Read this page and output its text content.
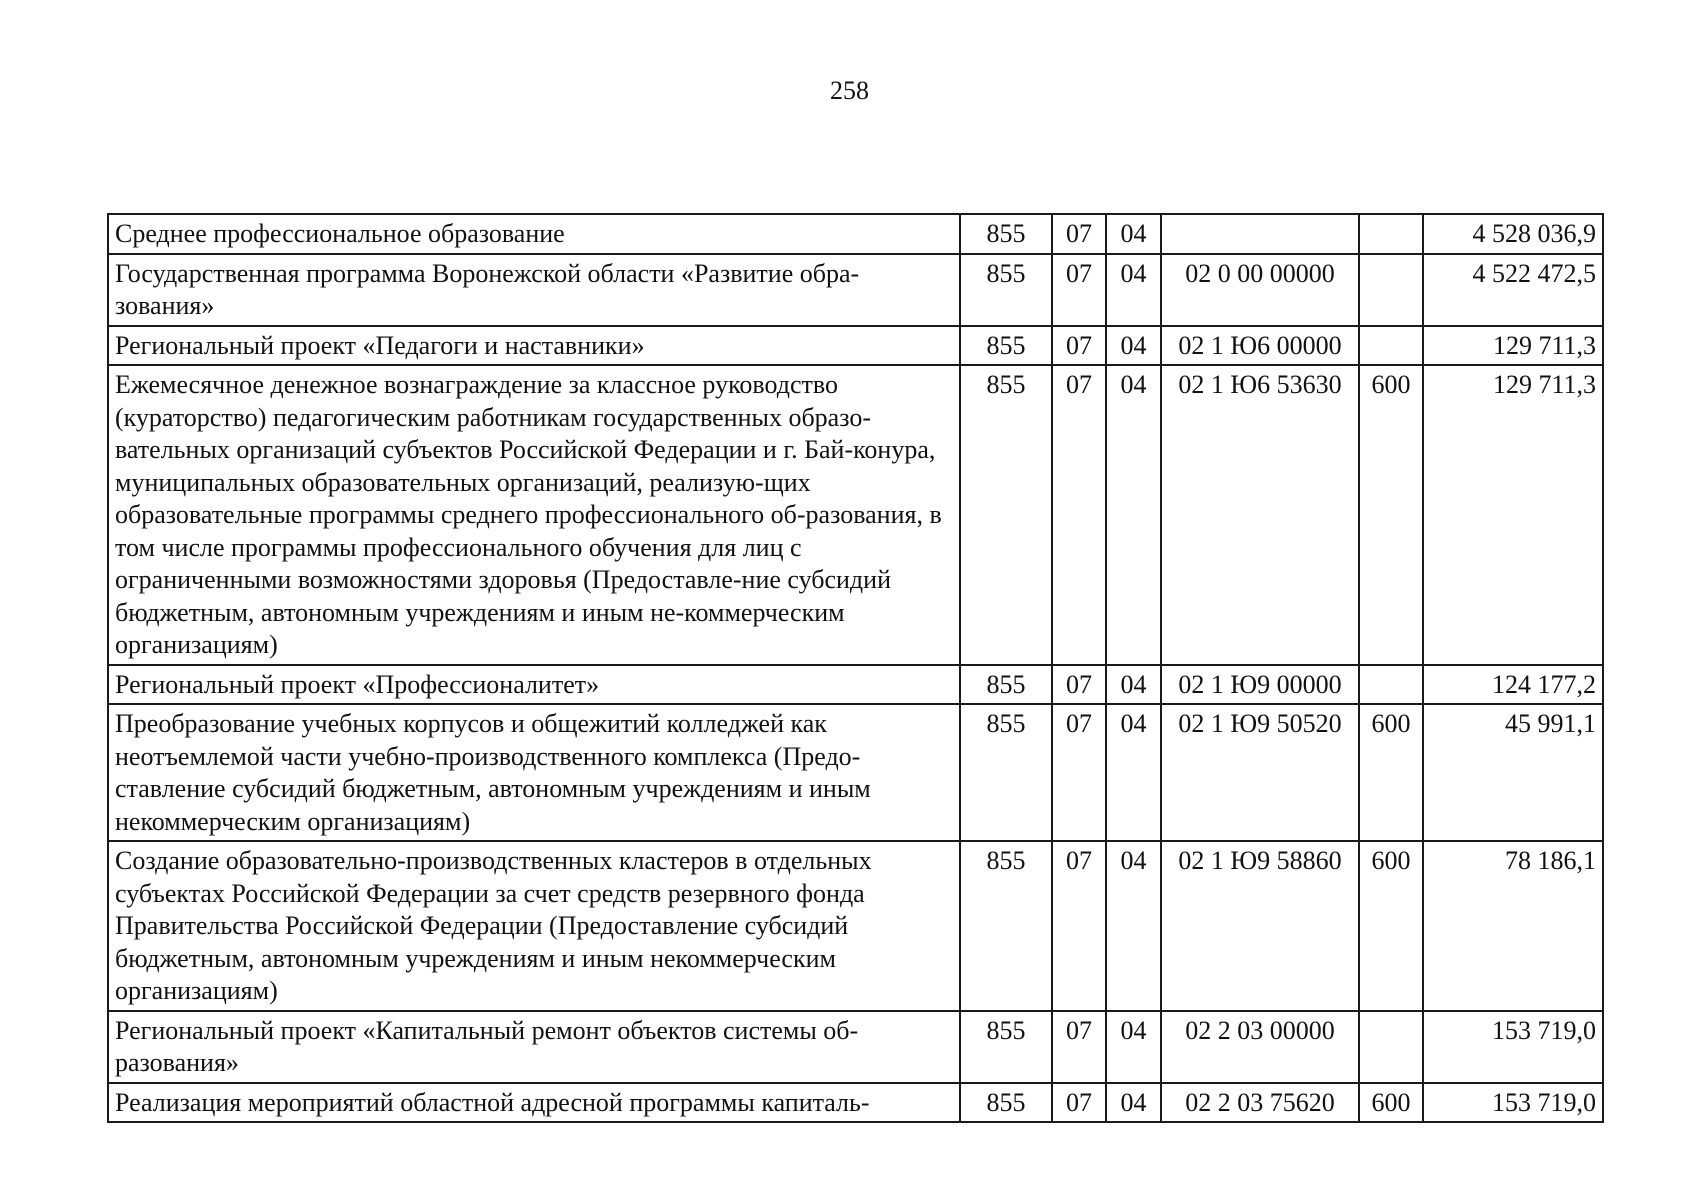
258
Среднее профессиональное образование	855	07	04			4 528 036,9
Государственная программа Воронежской области «Развитие обра-зования»	855	07	04	02 0 00 00000		4 522 472,5
Региональный проект «Педагоги и наставники»	855	07	04	02 1 Ю6 00000		129 711,3
Ежемесячное денежное вознаграждение за классное руководство (кураторство) педагогическим работникам государственных образо-вательных организаций субъектов Российской Федерации и г. Бай-конура, муниципальных образовательных организаций, реализую-щих образовательные программы среднего профессионального об-разования, в том числе программы профессионального обучения для лиц с ограниченными возможностями здоровья (Предоставле-ние субсидий бюджетным, автономным учреждениям и иным не-коммерческим организациям)	855	07	04	02 1 Ю6 53630	600	129 711,3
Региональный проект «Профессионалитет»	855	07	04	02 1 Ю9 00000		124 177,2
Преобразование учебных корпусов и общежитий колледжей как неотъемлемой части учебно-производственного комплекса (Предо-ставление субсидий бюджетным, автономным учреждениям и иным некоммерческим организациям)	855	07	04	02 1 Ю9 50520	600	45 991,1
Создание образовательно-производственных кластеров в отдельных субъектах Российской Федерации за счет средств резервного фонда Правительства Российской Федерации (Предоставление субсидий бюджетным, автономным учреждениям и иным некоммерческим организациям)	855	07	04	02 1 Ю9 58860	600	78 186,1
Региональный проект «Капитальный ремонт объектов системы об-разования»	855	07	04	02 2 03 00000		153 719,0
Реализация мероприятий областной адресной программы капиталь-	855	07	04	02 2 03 75620	600	153 719,0
